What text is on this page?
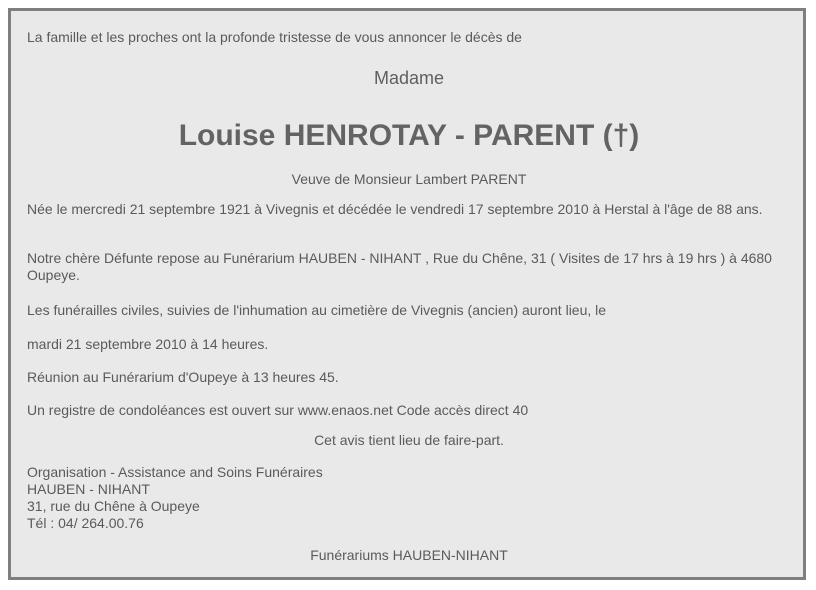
La famille et les proches ont la profonde tristesse de vous annoncer le décès de

Madame

Louise HENROTAY - PARENT (†)

Veuve de Monsieur Lambert PARENT

Née le mercredi 21 septembre 1921 à Vivegnis et décédée le vendredi 17 septembre 2010 à Herstal à l'âge de 88 ans.

Notre chère Défunte repose au Funérarium HAUBEN - NIHANT , Rue du Chêne, 31 ( Visites de 17 hrs à 19 hrs ) à 4680 Oupeye.

Les funérailles civiles, suivies de l'inhumation au cimetière de Vivegnis (ancien) auront lieu, le

mardi 21 septembre 2010 à 14 heures.

Réunion au Funérarium d'Oupeye à 13 heures 45.

Un registre de condoléances est ouvert sur www.enaos.net Code accès direct 40

Cet avis tient lieu de faire-part.

Organisation - Assistance and Soins Funéraires
HAUBEN - NIHANT
31, rue du Chêne à Oupeye
Tél : 04/ 264.00.76

Funérariums HAUBEN-NIHANT
